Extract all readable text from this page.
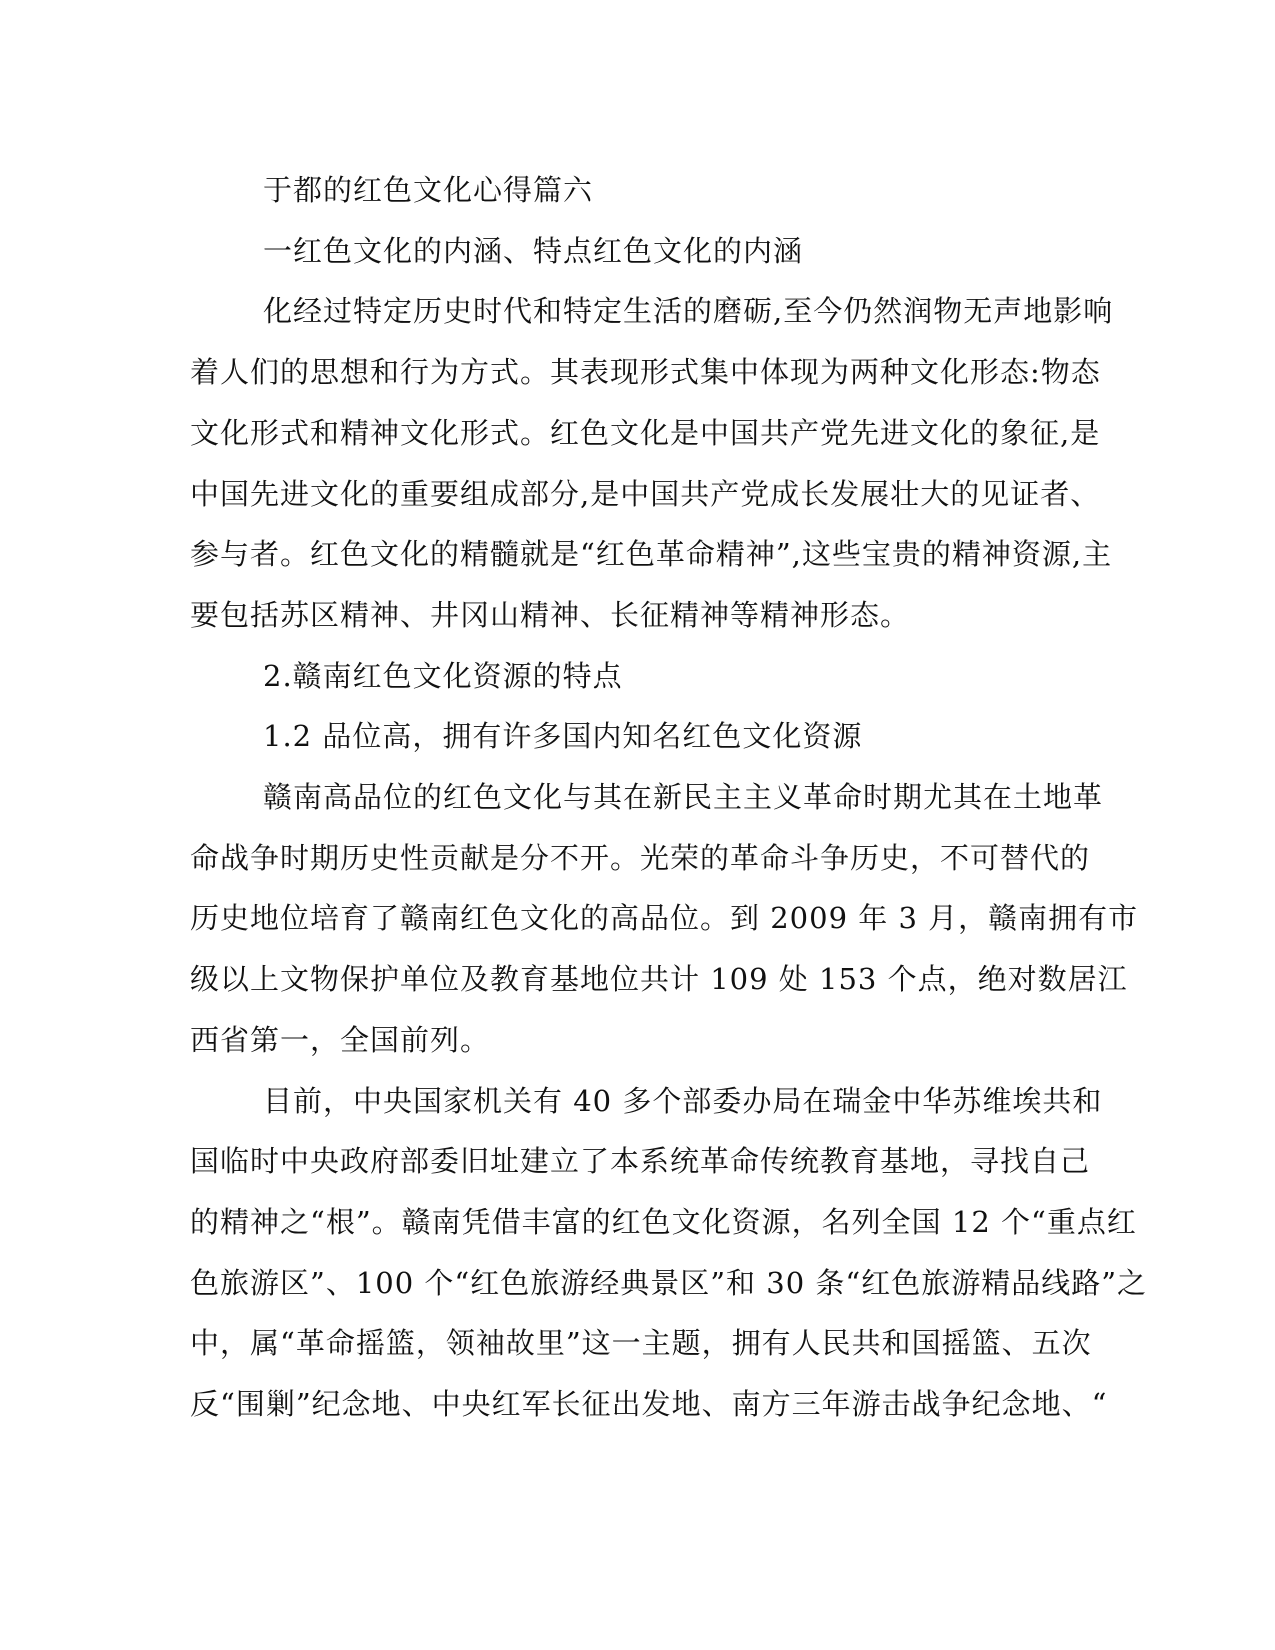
于都的红色文化心得篇六
一红色文化的内涵、特点红色文化的内涵
化经过特定历史时代和特定生活的磨砺,至今仍然润物无声地影响
着人们的思想和行为方式。其表现形式集中体现为两种文化形态:物态
文化形式和精神文化形式。红色文化是中国共产党先进文化的象征,是
中国先进文化的重要组成部分,是中国共产党成长发展壮大的见证者、
参与者。红色文化的精髓就是“红色革命精神”,这些宝贵的精神资源,主
要包括苏区精神、井冈山精神、长征精神等精神形态。
2.赣南红色文化资源的特点
1.2 品位高，拥有许多国内知名红色文化资源
赣南高品位的红色文化与其在新民主主义革命时期尤其在土地革
命战争时期历史性贡献是分不开。光荣的革命斗争历史，不可替代的
历史地位培育了赣南红色文化的高品位。到 2009 年 3 月，赣南拥有市
级以上文物保护单位及教育基地位共计 109 处 153 个点，绝对数居江
西省第一，全国前列。
目前，中央国家机关有 40 多个部委办局在瑞金中华苏维埃共和
国临时中央政府部委旧址建立了本系统革命传统教育基地，寻找自己
的精神之“根”。赣南凭借丰富的红色文化资源，名列全国 12 个“重点红
色旅游区”、100 个“红色旅游经典景区”和 30 条“红色旅游精品线路”之
中，属“革命摇篮，领袖故里”这一主题，拥有人民共和国摇篮、五次
反“围剿”纪念地、中央红军长征出发地、南方三年游击战争纪念地、“
